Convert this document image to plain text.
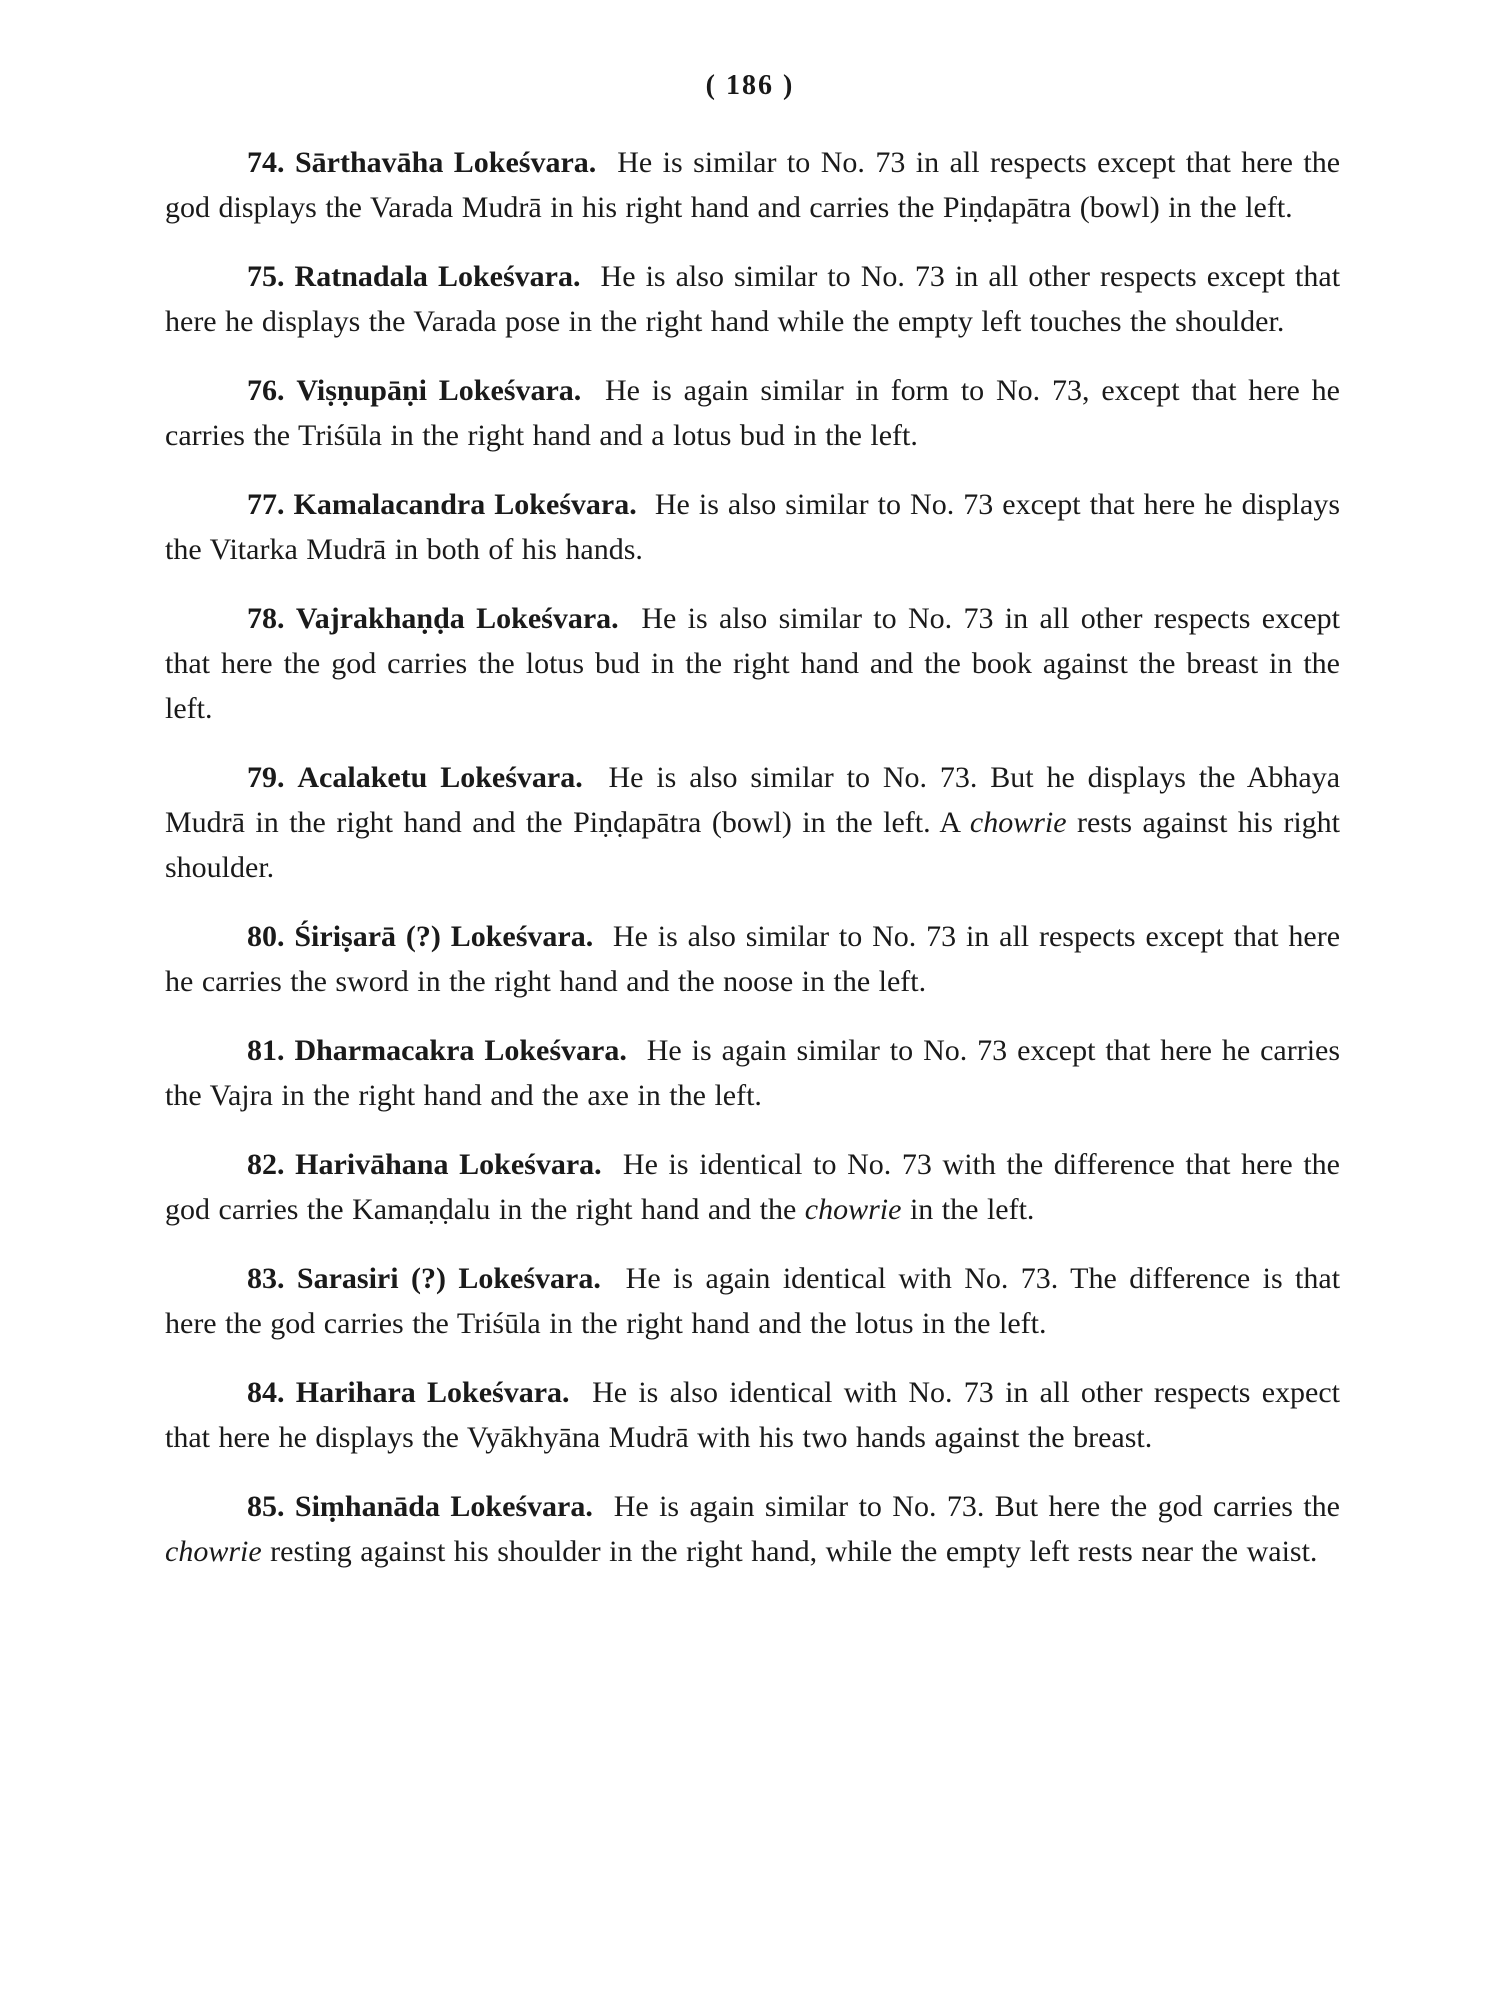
( 186 )

74. Sārthavāha Lokeśvara. He is similar to No. 73 in all respects except that here the god displays the Varada Mudrā in his right hand and carries the Piṇḍapātra (bowl) in the left.

75. Ratnadala Lokeśvara. He is also similar to No. 73 in all other respects except that here he displays the Varada pose in the right hand while the empty left touches the shoulder.

76. Viṣṇupāṇi Lokeśvara. He is again similar in form to No. 73, except that here he carries the Triśūla in the right hand and a lotus bud in the left.

77. Kamalacandra Lokeśvara. He is also similar to No. 73 except that here he displays the Vitarka Mudrā in both of his hands.

78. Vajrakhaṇḍa Lokeśvara. He is also similar to No. 73 in all other respects except that here the god carries the lotus bud in the right hand and the book against the breast in the left.

79. Acalaketu Lokeśvara. He is also similar to No. 73. But he displays the Abhaya Mudrā in the right hand and the Piṇḍapātra (bowl) in the left. A chowrie rests against his right shoulder.

80. Śiriṣarā (?) Lokeśvara. He is also similar to No. 73 in all respects except that here he carries the sword in the right hand and the noose in the left.

81. Dharmacakra Lokeśvara. He is again similar to No. 73 except that here he carries the Vajra in the right hand and the axe in the left.

82. Harivāhana Lokeśvara. He is identical to No. 73 with the difference that here the god carries the Kamaṇḍalu in the right hand and the chowrie in the left.

83. Sarasiri (?) Lokeśvara. He is again identical with No. 73. The difference is that here the god carries the Triśūla in the right hand and the lotus in the left.

84. Harihara Lokeśvara. He is also identical with No. 73 in all other respects expect that here he displays the Vyākhyāna Mudrā with his two hands against the breast.

85. Siṃhanāda Lokeśvara. He is again similar to No. 73. But here the god carries the chowrie resting against his shoulder in the right hand, while the empty left rests near the waist.
